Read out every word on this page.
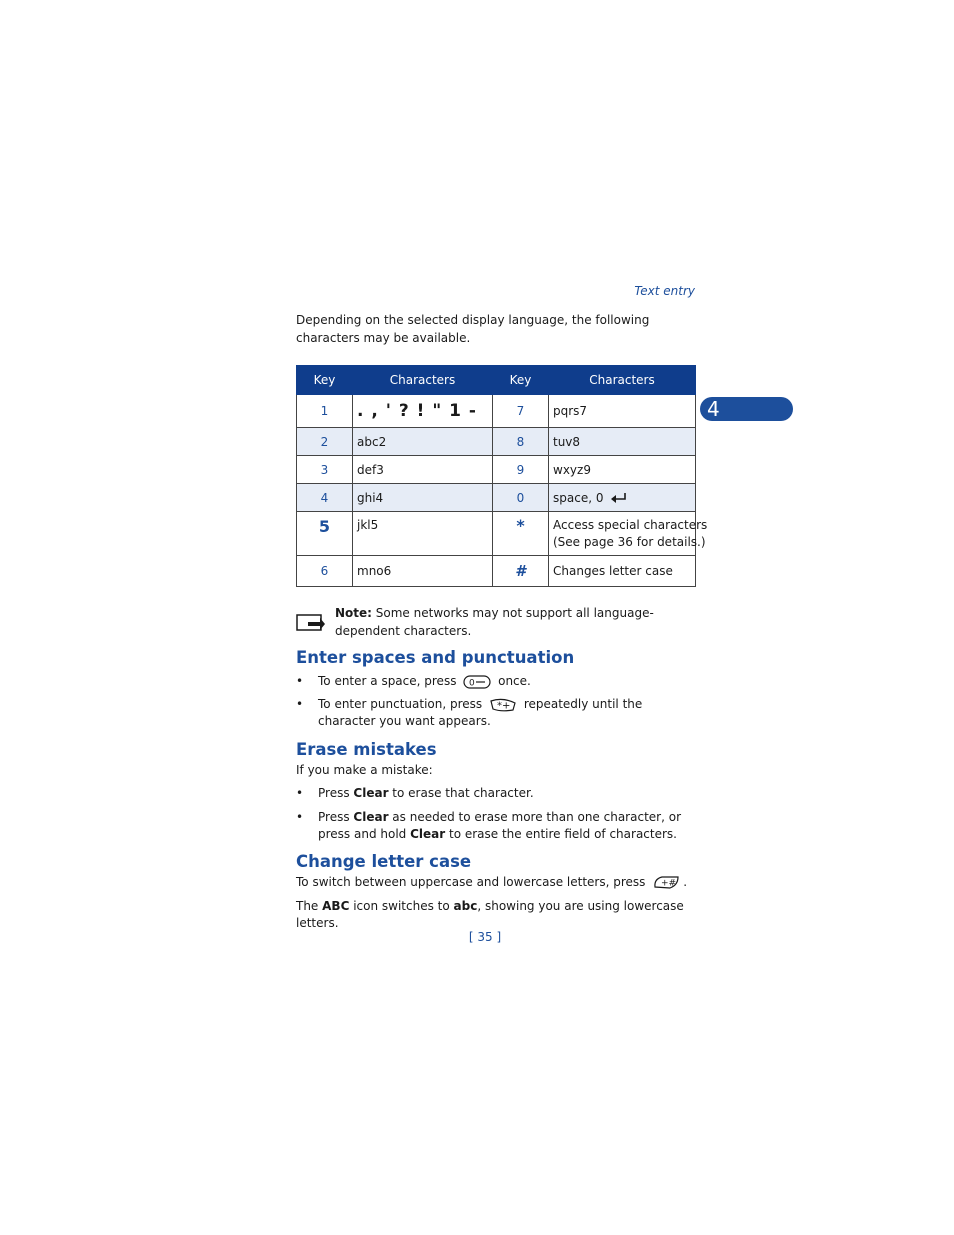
Text entry
Depending on the selected display language, the following characters may be available.
Key	Characters	Key	Characters
1	. , ' ? ! " 1 -	7	pqrs7
2	abc2	8	tuv8
3	def3	9	wxyz9
4	ghi4	0	space, 0
5	jkl5	*	Access special characters
(See page 36 for details.)
6	mno6	#	Changes letter case
4
Note: Some networks may not support all language-dependent characters.
Enter spaces and punctuation
• To enter a space, press 0 once.
• To enter punctuation, press *+ repeatedly until the character you want appears.
Erase mistakes
If you make a mistake:
• Press Clear to erase that character.
• Press Clear as needed to erase more than one character, or press and hold Clear to erase the entire field of characters.
Change letter case
To switch between uppercase and lowercase letters, press +# .
The ABC icon switches to abc, showing you are using lowercase letters.
[ 35 ]
